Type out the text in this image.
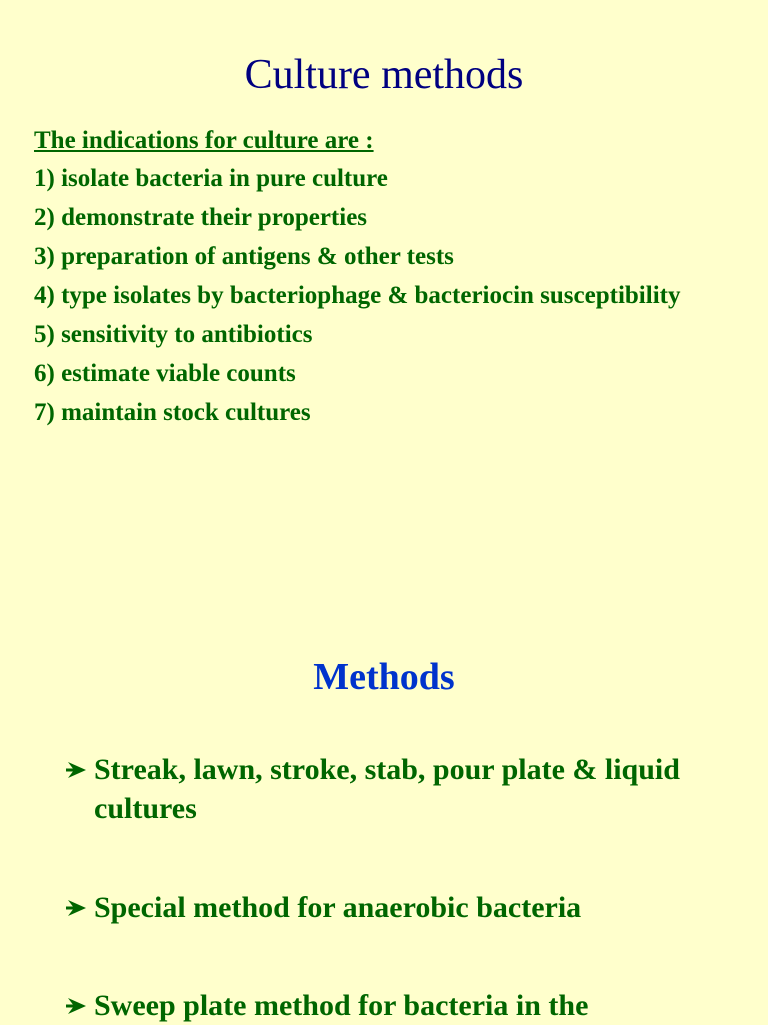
Culture methods
The indications for culture are :
1) isolate bacteria in pure culture
2) demonstrate their properties
3) preparation of antigens & other tests
4) type isolates by bacteriophage & bacteriocin susceptibility
5) sensitivity to antibiotics
6) estimate viable counts
7) maintain stock cultures
Methods
Streak, lawn, stroke, stab, pour plate & liquid cultures
Special method for anaerobic bacteria
Sweep plate method for bacteria in the
